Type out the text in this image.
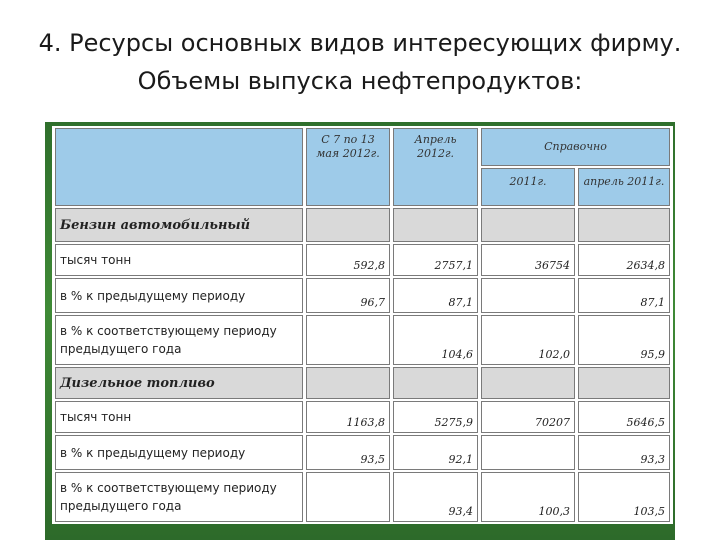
4. Ресурсы основных видов интересующих фирму.
Объемы выпуска нефтепродуктов:
	С 7 по 13 мая 2012г.	Апрель 2012г.	Справочно	
			2011г.	апрель 2011г.
Бензин автомобильный				
тысяч тонн	592,8	2757,1	36754	2634,8
в % к предыдущему периоду	96,7	87,1		87,1
в % к соответствующему периоду предыдущего года		104,6	102,0	95,9
Дизельное топливо				
тысяч тонн	1163,8	5275,9	70207	5646,5
в % к предыдущему периоду	93,5	92,1		93,3
в % к соответствующему периоду предыдущего года		93,4	100,3	103,5
